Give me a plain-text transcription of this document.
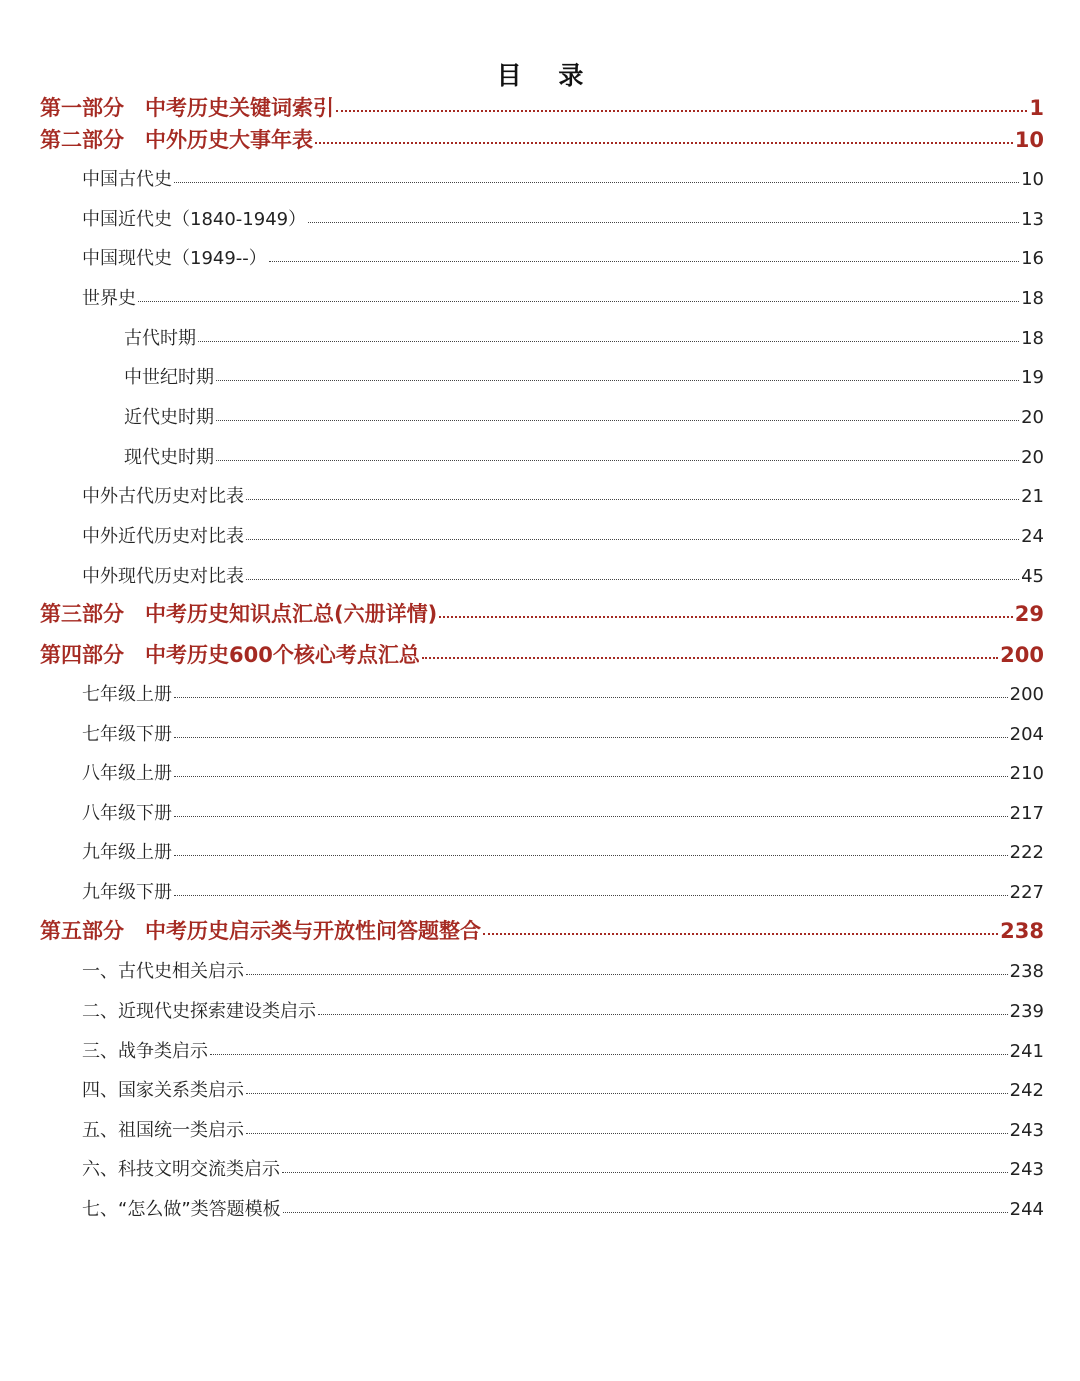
目 录
第一部分　中考历史关键词索引	1
第二部分　中外历史大事年表	10
中国古代史	10
中国近代史（1840-1949）	13
中国现代史（1949--）	16
世界史	18
古代时期	18
中世纪时期	19
近代史时期	20
现代史时期	20
中外古代历史对比表	21
中外近代历史对比表	24
中外现代历史对比表	45
第三部分　中考历史知识点汇总(六册详情)	29
第四部分　中考历史600个核心考点汇总	200
七年级上册	200
七年级下册	204
八年级上册	210
八年级下册	217
九年级上册	222
九年级下册	227
第五部分　中考历史启示类与开放性问答题整合	238
一、古代史相关启示	238
二、近现代史探索建设类启示	239
三、战争类启示	241
四、国家关系类启示	242
五、祖国统一类启示	243
六、科技文明交流类启示	243
七、“怎么做”类答题模板	244
